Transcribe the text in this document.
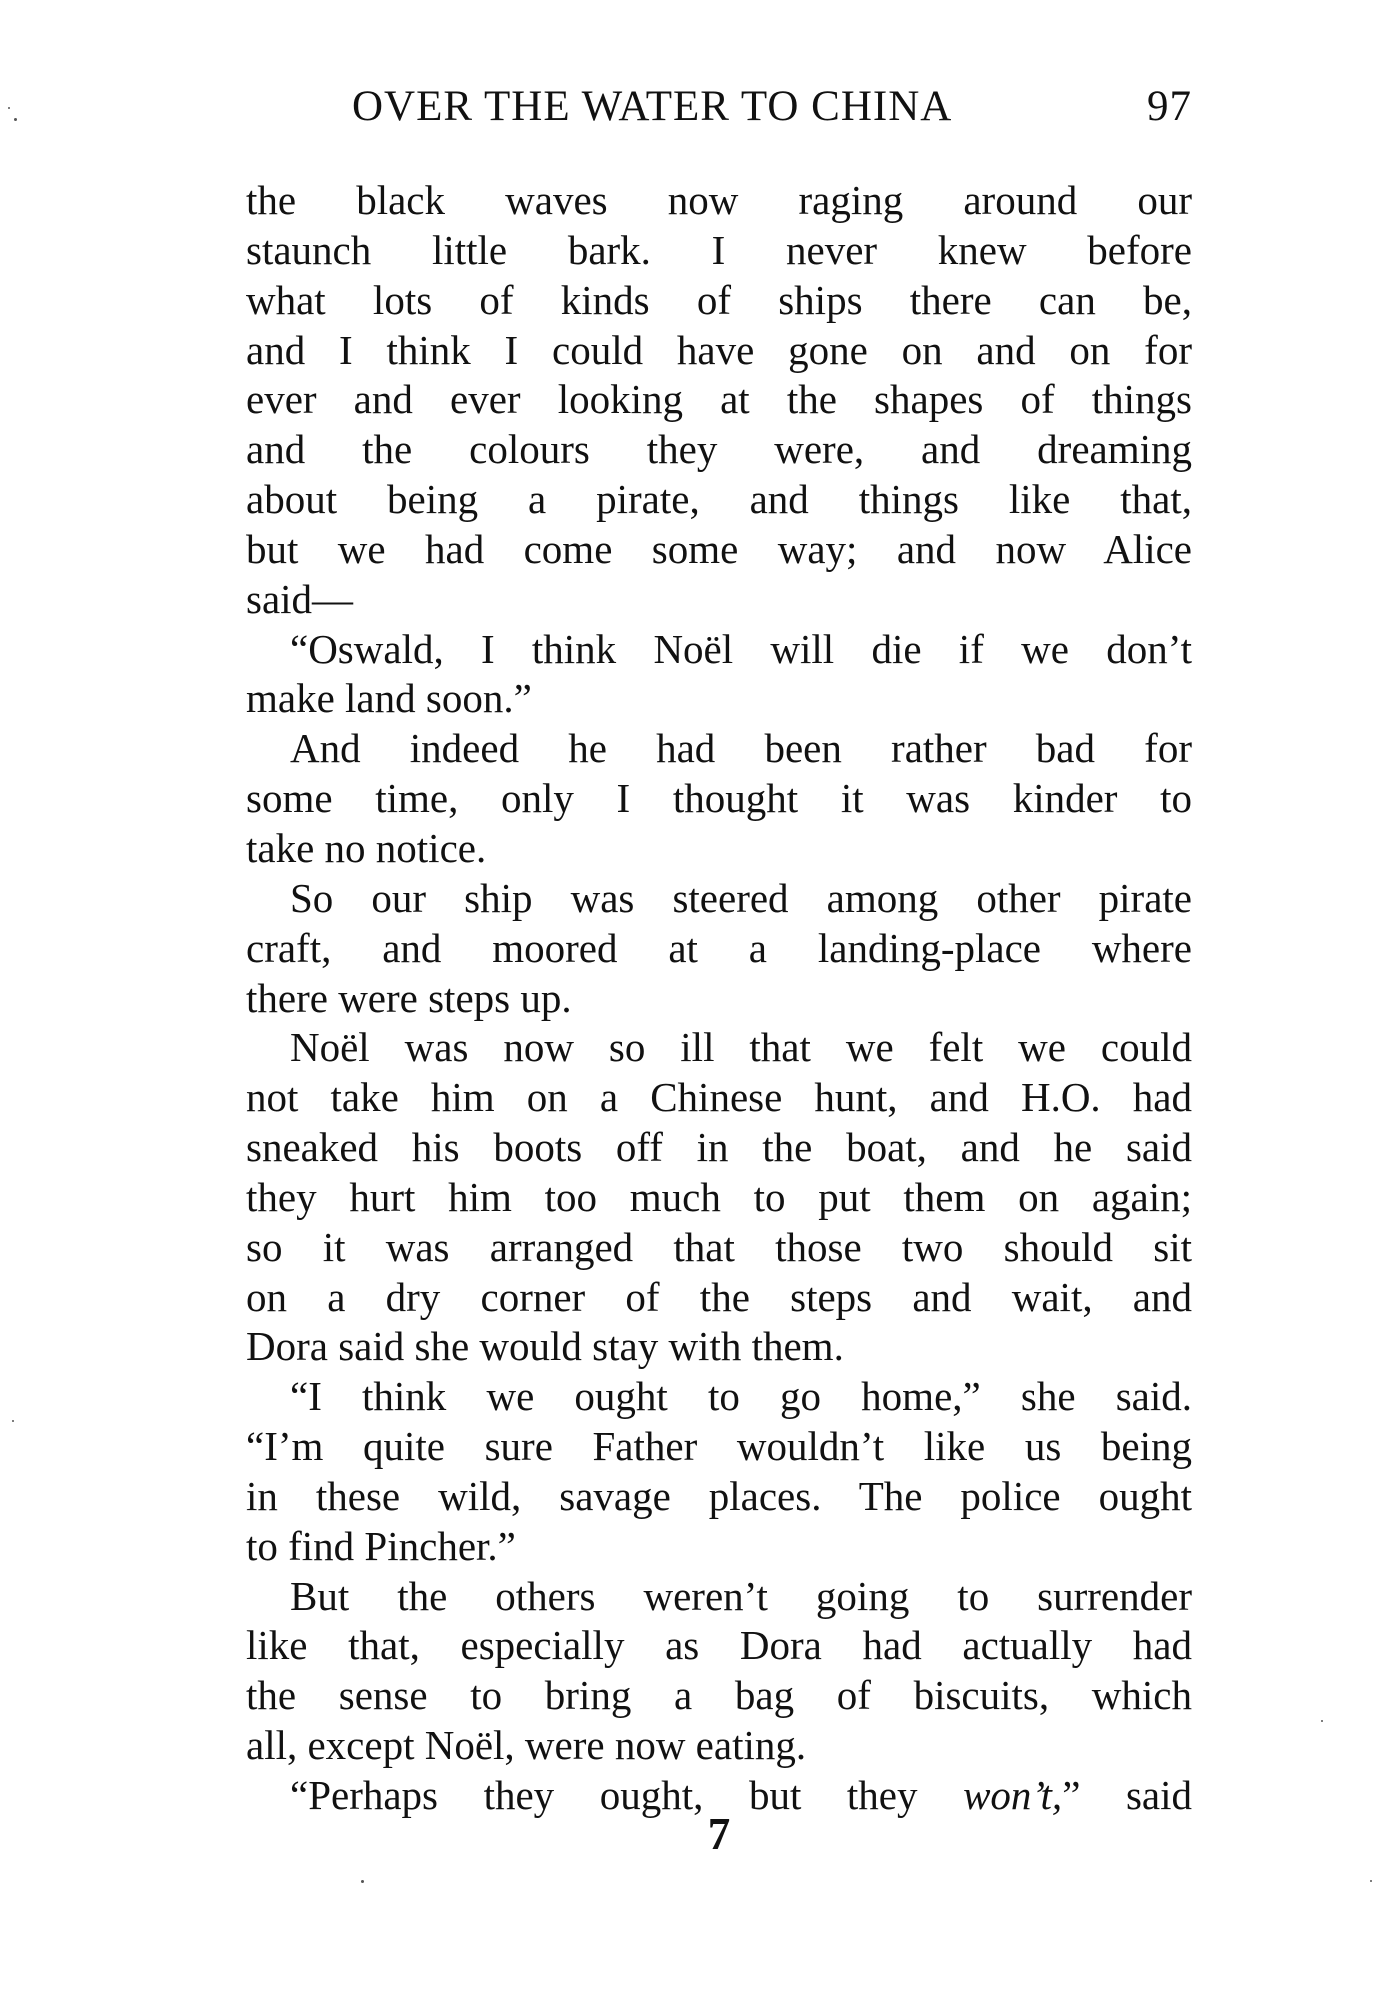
OVER THE WATER TO CHINA	97
the black waves now raging around our
staunch little bark. I never knew before
what lots of kinds of ships there can be,
and I think I could have gone on and on for
ever and ever looking at the shapes of things
and the colours they were, and dreaming
about being a pirate, and things like that,
but we had come some way; and now Alice
said—
“Oswald, I think Noël will die if we don’t
make land soon.”
And indeed he had been rather bad for
some time, only I thought it was kinder to
take no notice.
So our ship was steered among other pirate
craft, and moored at a landing-place where
there were steps up.
Noël was now so ill that we felt we could
not take him on a Chinese hunt, and H.O. had
sneaked his boots off in the boat, and he said
they hurt him too much to put them on again;
so it was arranged that those two should sit
on a dry corner of the steps and wait, and
Dora said she would stay with them.
“I think we ought to go home,” she said.
“I’m quite sure Father wouldn’t like us being
in these wild, savage places. The police ought
to find Pincher.”
But the others weren’t going to surrender
like that, especially as Dora had actually had
the sense to bring a bag of biscuits, which
all, except Noël, were now eating.
“Perhaps they ought, but they won’t,” said
7
